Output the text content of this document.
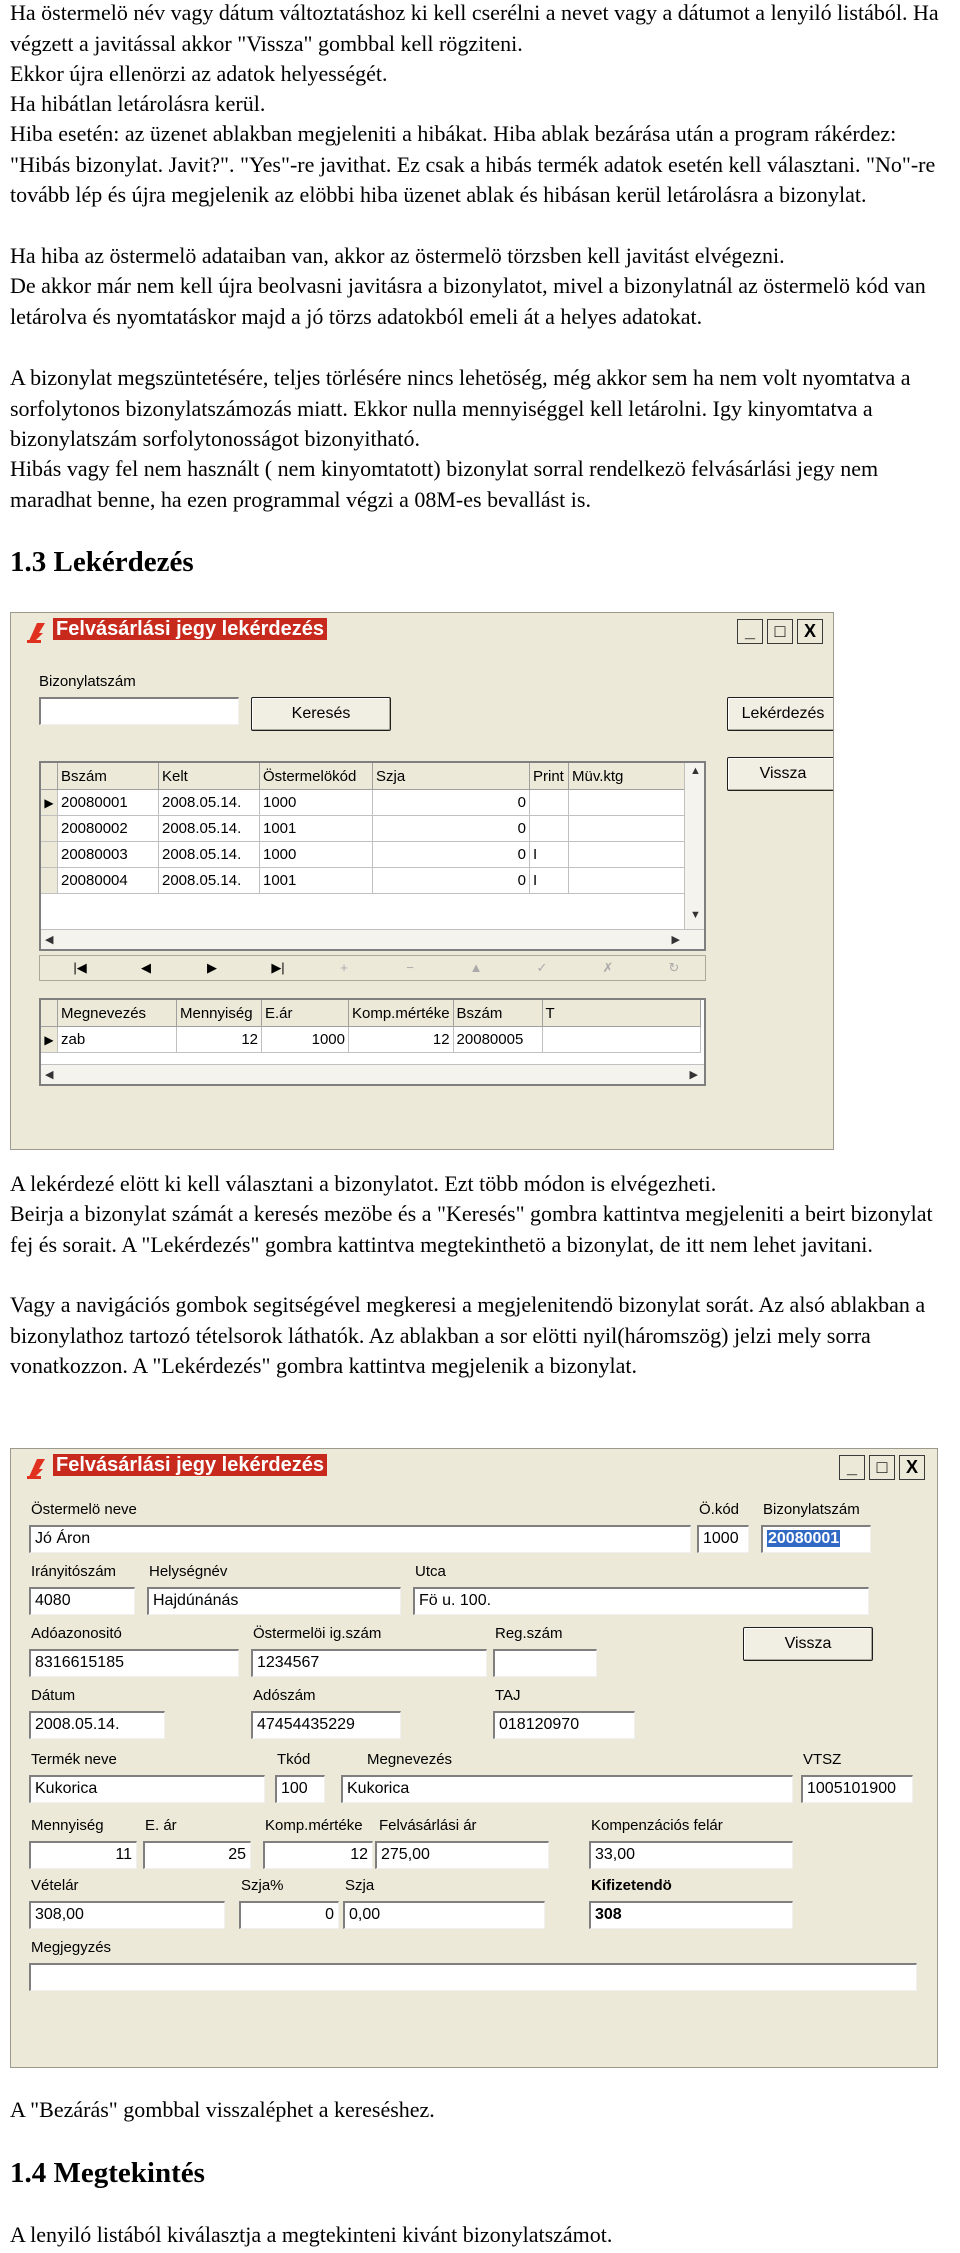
Ha östermelö név vagy dátum változtatáshoz ki kell cserélni a nevet vagy a dátumot a lenyiló listából. Ha végzett a javitással akkor "Vissza" gombbal kell rögziteni.
Ekkor újra ellenörzi az adatok helyességét.
Ha hibátlan letárolásra kerül.
Hiba esetén: az üzenet ablakban megjeleniti a hibákat. Hiba ablak bezárása után a program rákérdez: "Hibás bizonylat. Javit?". "Yes"-re javithat. Ez csak a hibás termék adatok esetén kell választani. "No"-re tovább lép és újra megjelenik az elöbbi hiba üzenet ablak és hibásan kerül letárolásra a bizonylat.
Ha hiba az östermelö adataiban van, akkor az östermelö törzsben kell javitást elvégezni.
De akkor már nem kell újra beolvasni javitásra a bizonylatot, mivel a bizonylatnál az östermelö kód van letárolva és nyomtatáskor majd a jó törzs adatokból emeli át a helyes adatokat.
A bizonylat megszüntetésére, teljes törlésére nincs lehetöség, még akkor sem ha nem volt nyomtatva a sorfolytonos bizonylatszámozás miatt. Ekkor nulla mennyiséggel kell letárolni. Igy kinyomtatva a bizonylatszám sorfolytonosságot bizonyitható.
Hibás vagy fel nem használt ( nem kinyomtatott) bizonylat sorral rendelkezö felvásárlási jegy nem maradhat benne, ha ezen programmal végzi a 08M-es bevallást is.
1.3 Lekérdezés
Felvásárlási jegy lekérdezés	_	□	X
Bizonylatszám
Keresés	Lekérdezés
Vissza
	Bszám	Kelt	Östermelökód	Szja	Print	Müv.ktg
▶	20080001	2008.05.14.	1000	0		
	20080002	2008.05.14.	1001	0		
	20080003	2008.05.14.	1000	0	I	
	20080004	2008.05.14.	1001	0	I	
▲
▼
◀	▶
|◀	◀	▶	▶|	+	−	▲	✓	✗	↻
	Megnevezés	Mennyiség	E.ár	Komp.mértéke	Bszám	T
▶	zab	12	1000	12	20080005	
◀	▶
A lekérdezé elött ki kell választani a bizonylatot. Ezt több módon is elvégezheti.
Beirja a bizonylat számát a keresés mezöbe és a "Keresés" gombra kattintva megjeleniti a beirt bizonylat fej és sorait. A "Lekérdezés" gombra kattintva megtekinthetö a bizonylat, de itt nem lehet javitani.
Vagy a navigációs gombok segitségével megkeresi a megjelenitendö bizonylat sorát. Az alsó ablakban a bizonylathoz tartozó tételsorok láthatók. Az ablakban a sor elötti nyil(háromszög) jelzi mely sorra vonatkozzon. A "Lekérdezés" gombra kattintva megjelenik a bizonylat.
Felvásárlási jegy lekérdezés	_	□	X
Östermelö neve
Jó Áron
Ö.kód
1000
Bizonylatszám
20080001
Irányitószám
4080
Helységnév
Hajdúnánás
Utca
Fö u. 100.
Adóazonositó
8316615185
Östermelöi ig.szám
1234567
Reg.szám
Vissza
Dátum
2008.05.14.
Adószám
47454435229
TAJ
018120970
Termék neve
Kukorica
Tkód
100
Megnevezés
Kukorica
VTSZ
1005101900
Mennyiség
11
E. ár
25
Komp.mértéke
12
Felvásárlási ár
275,00
Kompenzációs felár
33,00
Vételár
308,00
Szja%
0
Szja
0,00
Kifizetendö
308
Megjegyzés
A "Bezárás" gombbal visszaléphet a kereséshez.
1.4 Megtekintés
A lenyiló listából kiválasztja a megtekinteni kivánt bizonylatszámot.
